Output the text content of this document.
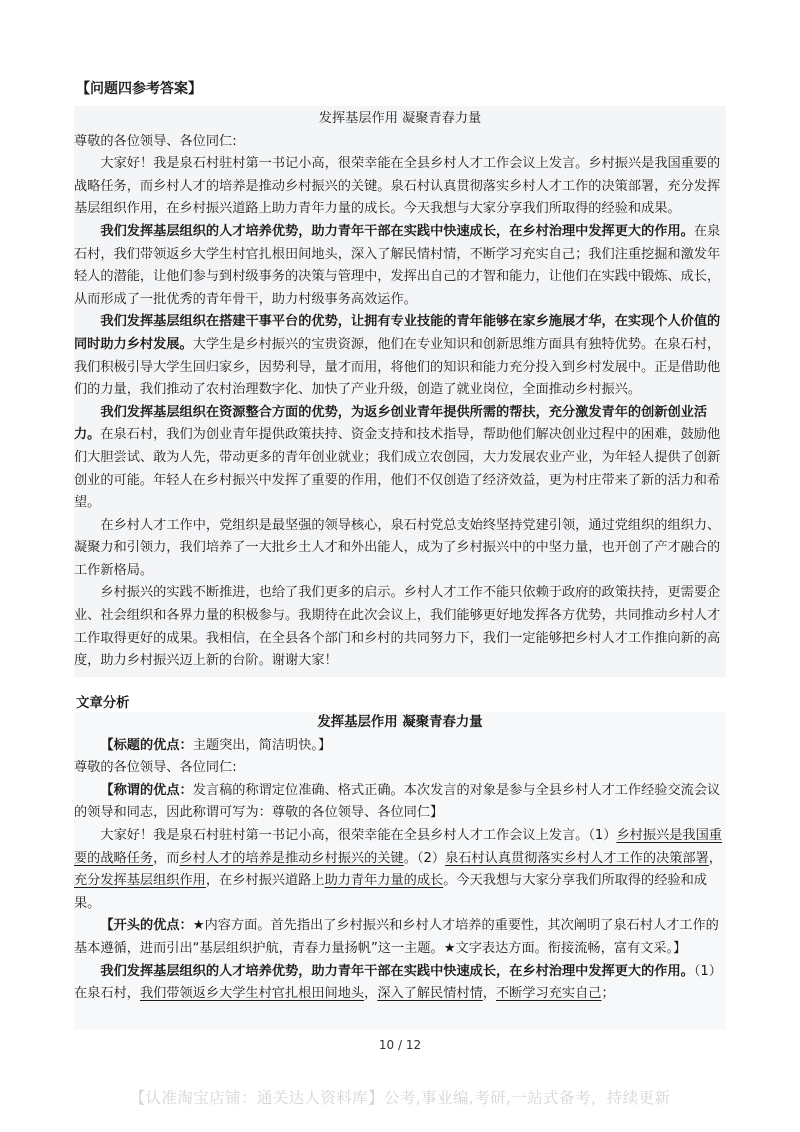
【问题四参考答案】

发挥基层作用 凝聚青春力量

尊敬的各位领导、各位同仁:

大家好！我是泉石村驻村第一书记小高，很荣幸能在全县乡村人才工作会议上发言。乡村振兴是我国重要的战略任务，而乡村人才的培养是推动乡村振兴的关键。泉石村认真贯彻落实乡村人才工作的决策部署，充分发挥基层组织作用，在乡村振兴道路上助力青年力量的成长。今天我想与大家分享我们所取得的经验和成果。

我们发挥基层组织的人才培养优势，助力青年干部在实践中快速成长，在乡村治理中发挥更大的作用。在泉石村，我们带领返乡大学生村官扎根田间地头，深入了解民情村情，不断学习充实自己；我们注重挖掘和激发年轻人的潜能，让他们参与到村级事务的决策与管理中，发挥出自己的才智和能力，让他们在实践中锻炼、成长，从而形成了一批优秀的青年骨干，助力村级事务高效运作。

我们发挥基层组织在搭建干事平台的优势，让拥有专业技能的青年能够在家乡施展才华，在实现个人价值的同时助力乡村发展。大学生是乡村振兴的宝贵资源，他们在专业知识和创新思维方面具有独特优势。在泉石村，我们积极引导大学生回归家乡，因势利导，量才而用，将他们的知识和能力充分投入到乡村发展中。正是借助他们的力量，我们推动了农村治理数字化、加快了产业升级，创造了就业岗位，全面推动乡村振兴。

我们发挥基层组织在资源整合方面的优势，为返乡创业青年提供所需的帮扶，充分激发青年的创新创业活力。在泉石村，我们为创业青年提供政策扶持、资金支持和技术指导，帮助他们解决创业过程中的困难，鼓励他们大胆尝试、敢为人先，带动更多的青年创业就业；我们成立农创园，大力发展农业产业，为年轻人提供了创新创业的可能。年轻人在乡村振兴中发挥了重要的作用，他们不仅创造了经济效益，更为村庄带来了新的活力和希望。

在乡村人才工作中，党组织是最坚强的领导核心，泉石村党总支始终坚持党建引领，通过党组织的组织力、凝聚力和引领力，我们培养了一大批乡土人才和外出能人，成为了乡村振兴中的中坚力量，也开创了产才融合的工作新格局。

乡村振兴的实践不断推进，也给了我们更多的启示。乡村人才工作不能只依赖于政府的政策扶持，更需要企业、社会组织和各界力量的积极参与。我期待在此次会议上，我们能够更好地发挥各方优势，共同推动乡村人才工作取得更好的成果。我相信，在全县各个部门和乡村的共同努力下，我们一定能够把乡村人才工作推向新的高度，助力乡村振兴迈上新的台阶。谢谢大家！

文章分析

发挥基层作用 凝聚青春力量

【标题的优点：主题突出，简洁明快。】

尊敬的各位领导、各位同仁:

【称谓的优点：发言稿的称谓定位准确、格式正确。本次发言的对象是参与全县乡村人才工作经验交流会议的领导和同志，因此称谓可写为：尊敬的各位领导、各位同仁】

大家好！我是泉石村驻村第一书记小高，很荣幸能在全县乡村人才工作会议上发言。（1）乡村振兴是我国重要的战略任务，而乡村人才的培养是推动乡村振兴的关键。（2）泉石村认真贯彻落实乡村人才工作的决策部署，充分发挥基层组织作用，在乡村振兴道路上助力青年力量的成长。今天我想与大家分享我们所取得的经验和成果。

【开头的优点：★内容方面。首先指出了乡村振兴和乡村人才培养的重要性，其次阐明了泉石村人才工作的基本遵循，进而引出“基层组织护航，青春力量扬帆”这一主题。★文字表达方面。衔接流畅，富有文采。】

我们发挥基层组织的人才培养优势，助力青年干部在实践中快速成长，在乡村治理中发挥更大的作用。（1）在泉石村，我们带领返乡大学生村官扎根田间地头，深入了解民情村情，不断学习充实自己；

10 / 12
【认准淘宝店铺：通关达人资料库】公考,事业编,考研,一站式备考，持续更新
